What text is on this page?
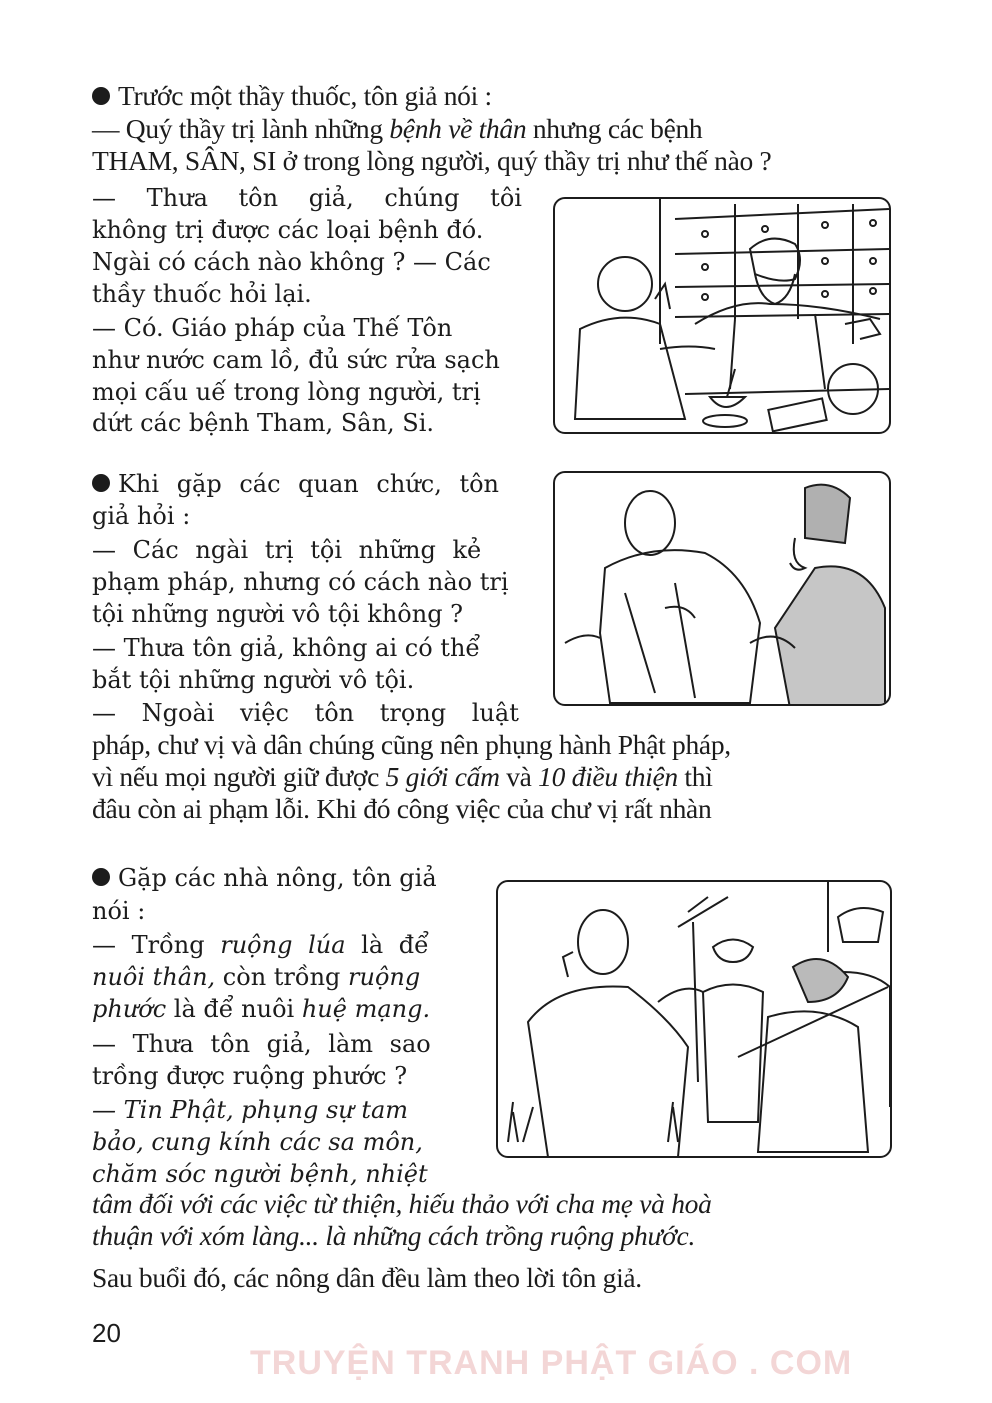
Trước một thầy thuốc, tôn giả nói :
— Quý thầy trị lành những bệnh về thân nhưng các bệnh
THAM, SÂN, SI ở trong lòng người, quý thầy trị như thế nào ?
— Thưa tôn giả, chúng tôi
không trị được các loại bệnh đó.
Ngài có cách nào không ? — Các
thầy thuốc hỏi lại.
— Có. Giáo pháp của Thế Tôn
như nước cam lồ, đủ sức rửa sạch
mọi cấu uế trong lòng người, trị
dứt các bệnh Tham, Sân, Si.
Khi gặp các quan chức, tôn
giả hỏi :
— Các ngài trị tội những kẻ
phạm pháp, nhưng có cách nào trị
tội những người vô tội không ?
— Thưa tôn giả, không ai có thể
bắt tội những người vô tội.
— Ngoài việc tôn trọng luật
pháp, chư vị và dân chúng cũng nên phụng hành Phật pháp,
vì nếu mọi người giữ được 5 giới cấm và 10 điều thiện thì
đâu còn ai phạm lỗi. Khi đó công việc của chư vị rất nhàn
Gặp các nhà nông, tôn giả
nói :
— Trồng ruộng lúa là để
nuôi thân, còn trồng ruộng
phước là để nuôi huệ mạng.
— Thưa tôn giả, làm sao
trồng được ruộng phước ?
— Tin Phật, phụng sự tam
bảo, cung kính các sa môn,
chăm sóc người bệnh, nhiệt
tâm đối với các việc từ thiện, hiếu thảo với cha mẹ và hoà
thuận với xóm làng... là những cách trồng ruộng phước.
Sau buổi đó, các nông dân đều làm theo lời tôn giả.
20
TRUYỆN TRANH PHẬT GIÁO . COM
